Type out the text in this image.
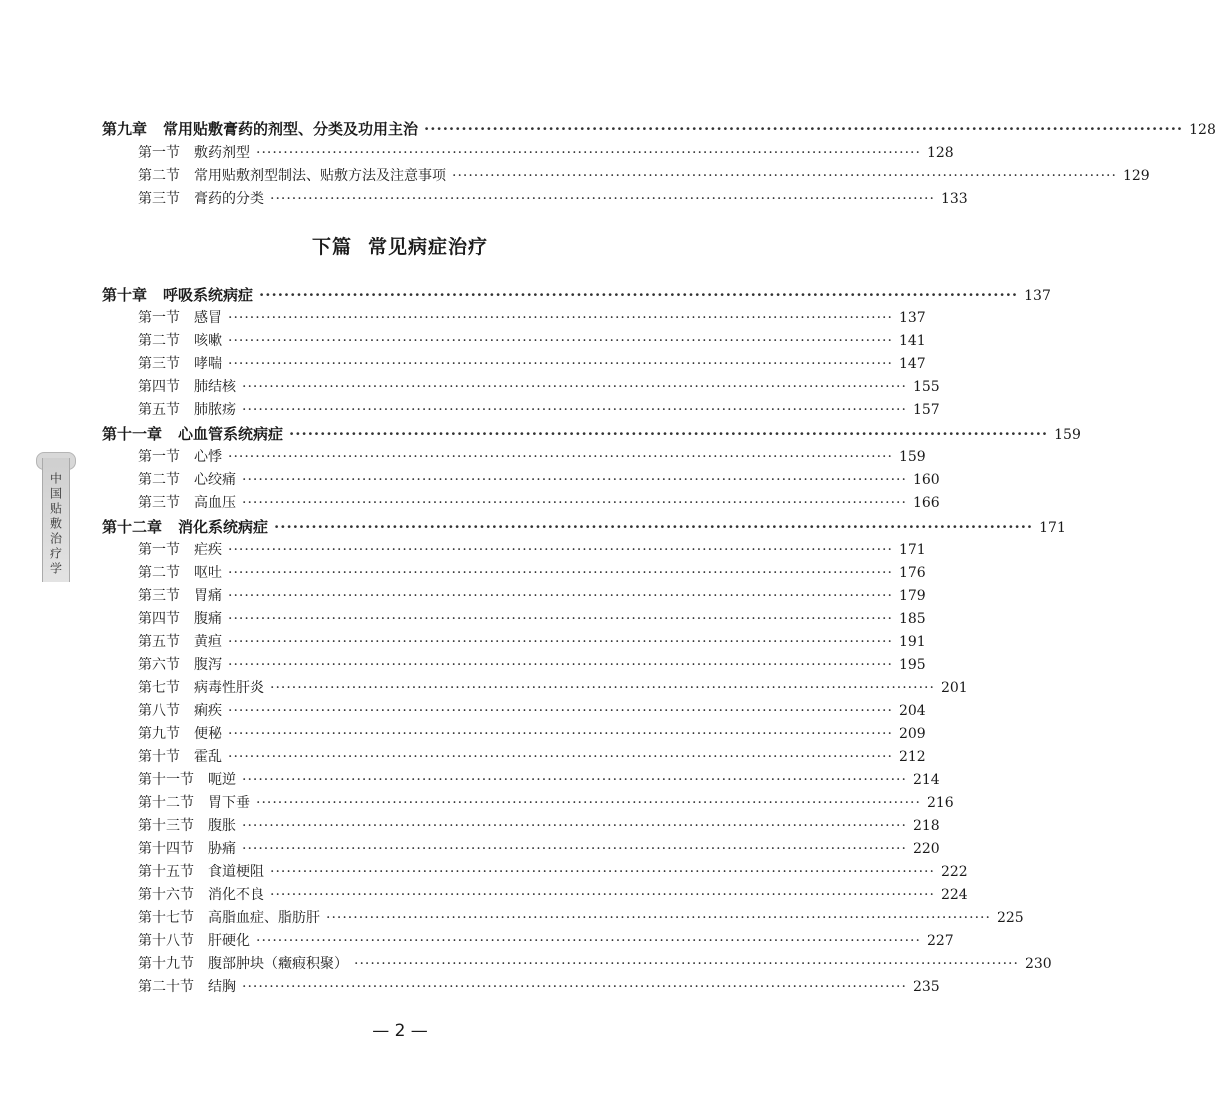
中国贴敷治疗学
第九章 常用贴敷膏药的剂型、分类及功用主治 ·························································································································· 128
第一节 敷药剂型 ·························································································································· 128
第二节 常用贴敷剂型制法、贴敷方法及注意事项 ·························································································································· 129
第三节 膏药的分类 ·························································································································· 133
下篇 常见病症治疗
第十章 呼吸系统病症 ·························································································································· 137
第一节 感冒 ·························································································································· 137
第二节 咳嗽 ·························································································································· 141
第三节 哮喘 ·························································································································· 147
第四节 肺结核 ·························································································································· 155
第五节 肺脓疡 ·························································································································· 157
第十一章 心血管系统病症 ·························································································································· 159
第一节 心悸 ·························································································································· 159
第二节 心绞痛 ·························································································································· 160
第三节 高血压 ·························································································································· 166
第十二章 消化系统病症 ·························································································································· 171
第一节 疟疾 ·························································································································· 171
第二节 呕吐 ·························································································································· 176
第三节 胃痛 ·························································································································· 179
第四节 腹痛 ·························································································································· 185
第五节 黄疸 ·························································································································· 191
第六节 腹泻 ·························································································································· 195
第七节 病毒性肝炎 ·························································································································· 201
第八节 痢疾 ·························································································································· 204
第九节 便秘 ·························································································································· 209
第十节 霍乱 ·························································································································· 212
第十一节 呃逆 ·························································································································· 214
第十二节 胃下垂 ·························································································································· 216
第十三节 腹胀 ·························································································································· 218
第十四节 胁痛 ·························································································································· 220
第十五节 食道梗阻 ·························································································································· 222
第十六节 消化不良 ·························································································································· 224
第十七节 高脂血症、脂肪肝 ·························································································································· 225
第十八节 肝硬化 ·························································································································· 227
第十九节 腹部肿块（癥瘕积聚） ·························································································································· 230
第二十节 结胸 ·························································································································· 235
— 2 —
